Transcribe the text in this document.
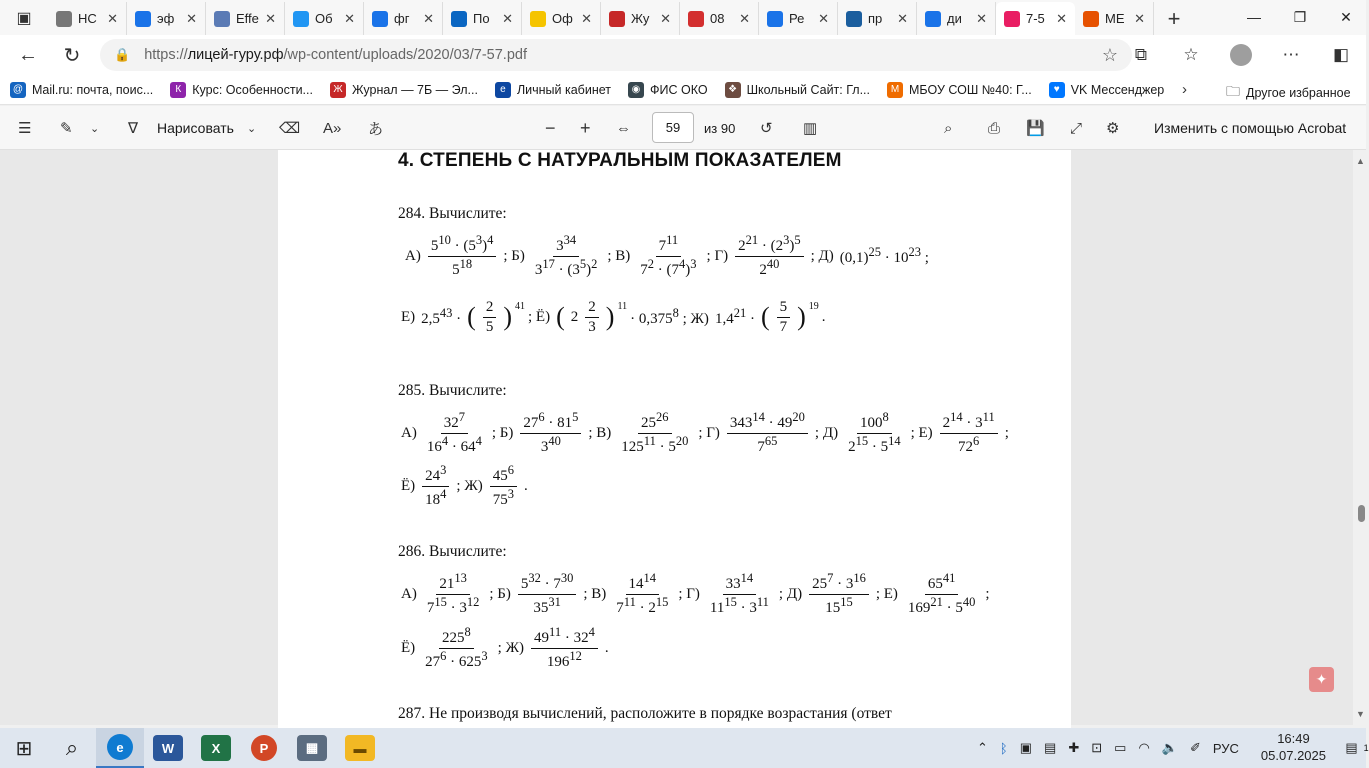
▣	НС ✕	эф ✕	Effe ✕	Об ✕	фг	✕	По ✕	Оф ✕	Жу ✕	08	✕	Ре	✕	пр	✕	ди	✕	7-5 ✕	МЕ ✕	+	—	❐	✕
←	↻	🔒 https:// лицей-гуру.рф /wp-content/uploads/2020/03/7-57.pdf	☆ ⧉	☆	⋯	◧
@ Mail.ru: почта, поис...	К Курс: Особенности...	Ж Журнал — 7Б — Эл...	e Личный кабинет	◉ ФИС ОКО	❖ Школьный Сайт: Гл...	М МБОУ СОШ №40: Г...	♥ VK Мессенджер ›	🗀 Другое избранное
☰ ✎ ⌄ ∇ Нарисовать ⌄ ⌫ A» あ	− + ⇔	59	из 90 ↺ ▥	⌕ ⎙ 💾 ⤢ ⚙ Изменить с помощью Acrobat
4. СТЕПЕНЬ С НАТУРАЛЬНЫМ ПОКАЗАТЕЛЕМ
284. Вычислите:
$А) \frac{5^{10} \cdot (5^3)^4}{5^{18}}$ ; $Б) \frac{3^{34}}{3^{17} \cdot (3^5)^2}$ ; $В) \frac{7^{11}}{7^2 \cdot (7^4)^3}$ ; $Г) \frac{2^{21} \cdot (2^3)^5}{2^{40}}$ ; Д) $(0,1)^{25} \cdot 10^{23}$ ;
Е) $2,5^{43}$ · ( $\frac{2}{5}$ ) $^{41}$
; Ё) ( $2 \frac{2}{3}$ ) $^{11}$
· $0,375^8$ ; Ж) $1,4^{21}$ · ( $\frac{5}{7}$ ) $^{19}$
.
285. Вычислите:
$А) \frac{32^7}{16^4 \cdot 64^4}$ ; $Б) \frac{27^6 \cdot 81^5}{3^{40}}$ ; $В) \frac{25^{26}}{125^{11} \cdot 5^{20}}$ ; $Г) \frac{343^{14} \cdot 49^{20}}{7^{65}}$ ; $Д) \frac{100^8}{2^{15} \cdot 5^{14}}$ ; $Е) \frac{2^{14} \cdot 3^{11}}{72^6}$ ;
$Ё) \frac{24^3}{18^4}$ ; $Ж) \frac{45^6}{75^3}$ .
286. Вычислите:
$А) \frac{21^{13}}{7^{15} \cdot 3^{12}}$ ; $Б) \frac{5^{32} \cdot 7^{30}}{35^{31}}$ ; $В) \frac{14^{14}}{7^{11} \cdot 2^{15}}$ ; $Г) \frac{33^{14}}{11^{15} \cdot 3^{11}}$ ; $Д) \frac{25^7 \cdot 3^{16}}{15^{15}}$ ; $Е) \frac{65^{41}}{169^{21} \cdot 5^{40}}$ ;
$Ё) \frac{225^8}{27^6 \cdot 625^3}$ ; $Ж) \frac{49^{11} \cdot 32^4}{196^{12}}$ .
287. Не производя вычислений, расположите в порядке возрастания (ответ
▲
▼
✦
⊞	⌕	e	W	X	P	▦	▬	⌃ ᛒ ▣ ▤ ✚ ⊡ ▭ ◠ 🔈 ✐ РУС
16:49
05.07.2025
▤ 1
